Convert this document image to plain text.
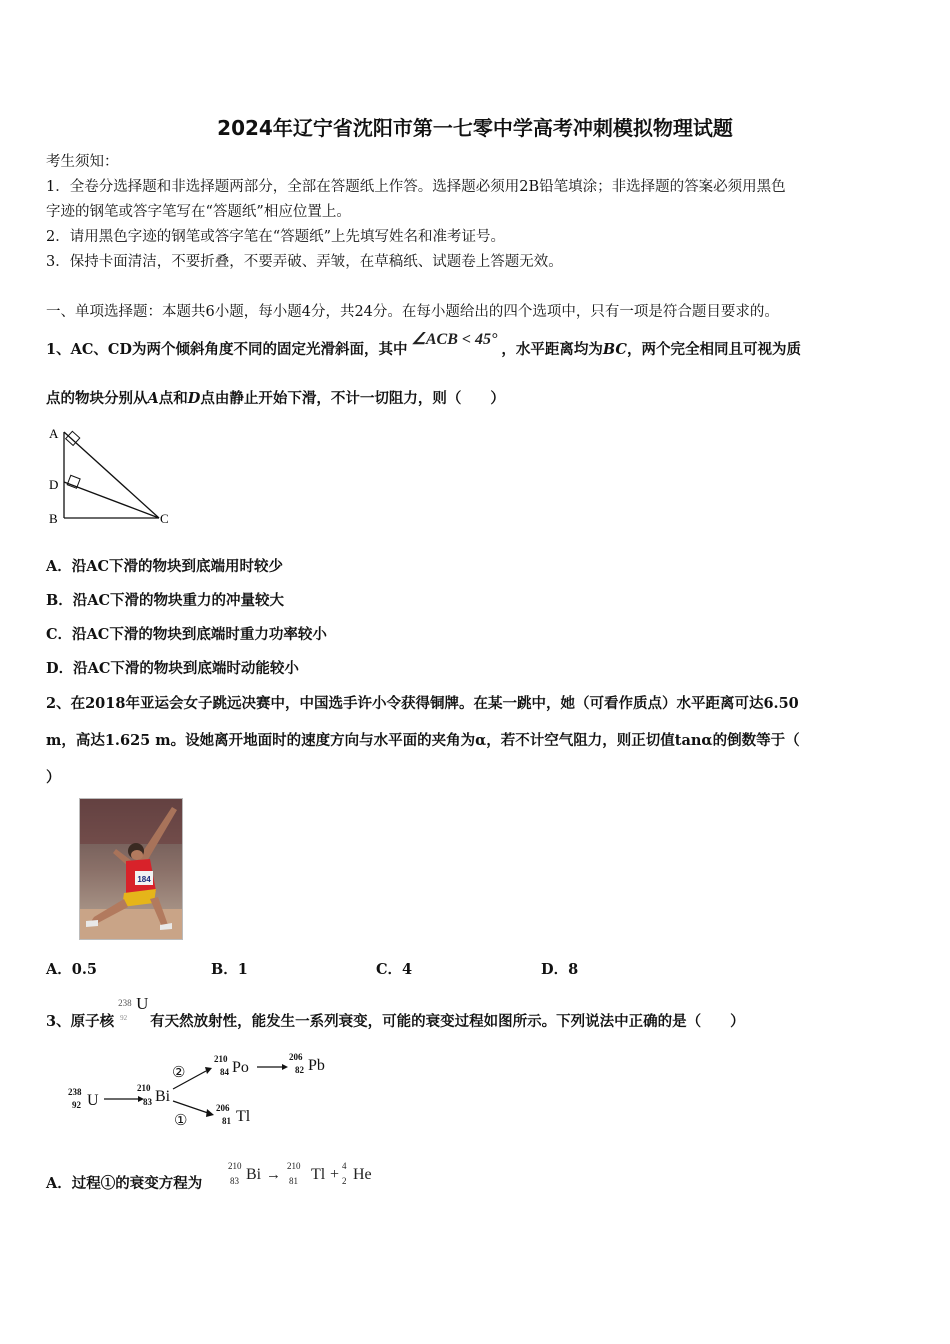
2024年辽宁省沈阳市第一七零中学高考冲刺模拟物理试题
考生须知：
1．全卷分选择题和非选择题两部分，全部在答题纸上作答。选择题必须用2B铅笔填涂；非选择题的答案必须用黑色
字迹的钢笔或答字笔写在“答题纸”相应位置上。
2．请用黑色字迹的钢笔或答字笔在“答题纸”上先填写姓名和准考证号。
3．保持卡面清洁，不要折叠，不要弄破、弄皱，在草稿纸、试题卷上答题无效。
一、单项选择题：本题共6小题，每小题4分，共24分。在每小题给出的四个选项中，只有一项是符合题目要求的。
1、AC、CD为两个倾斜角度不同的固定光滑斜面，其中∠ACB < 45°，水平距离均为BC，两个完全相同且可视为质
点的物块分别从A点和D点由静止开始下滑，不计一切阻力，则（　　）
A
D
B	C
A．沿AC下滑的物块到底端用时较少
B．沿AC下滑的物块重力的冲量较大
C．沿AC下滑的物块到底端时重力功率较小
D．沿AC下滑的物块到底端时动能较小
2、在2018年亚运会女子跳远决赛中，中国选手许小令获得铜牌。在某一跳中，她（可看作质点）水平距离可达6.50
m，高达1.625 m。设她离开地面时的速度方向与水平面的夹角为α，若不计空气阻力，则正切值tanα的倒数等于（
）
184
A．0.5	B．1	C．4	D．8
3、原子核
238
92
U
有天然放射性，能发生一系列衰变，可能的衰变过程如图所示。下列说法中正确的是（　　）
238
92 U
210
83 Bi
②
210
84 Po
206
82 Pb
①
206
81 Tl
A．过程①的衰变方程为
210
83 Bi →
210
81 Tl + 4
2 He
